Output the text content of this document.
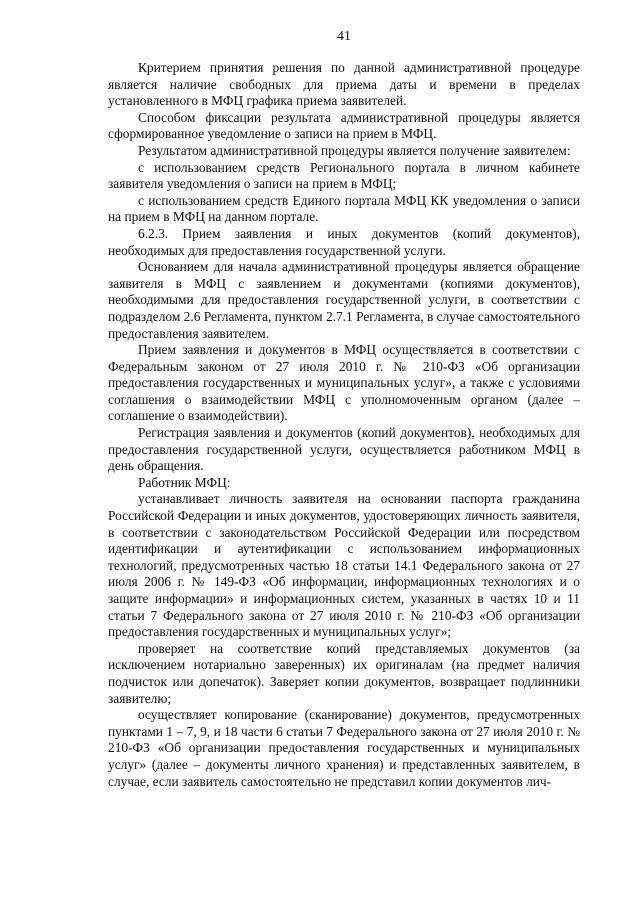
41

Критерием принятия решения по данной административной процедуре является наличие свободных для приема даты и времени в пределах установленного в МФЦ графика приема заявителей.

Способом фиксации результата административной процедуры является сформированное уведомление о записи на прием в МФЦ.

Результатом административной процедуры является получение заявителем:

с использованием средств Регионального портала в личном кабинете заявителя уведомления о записи на прием в МФЦ;

с использованием средств Единого портала МФЦ КК уведомления о записи на прием в МФЦ на данном портале.

6.2.3. Прием заявления и иных документов (копий документов), необходимых для предоставления государственной услуги.

Основанием для начала административной процедуры является обращение заявителя в МФЦ с заявлением и документами (копиями документов), необходимыми для предоставления государственной услуги, в соответствии с подразделом 2.6 Регламента, пунктом 2.7.1 Регламента, в случае самостоятельного предоставления заявителем.

Прием заявления и документов в МФЦ осуществляется в соответствии с Федеральным законом от 27 июля 2010 г. № 210-ФЗ «Об организации предоставления государственных и муниципальных услуг», а также с условиями соглашения о взаимодействии МФЦ с уполномоченным органом (далее – соглашение о взаимодействии).

Регистрация заявления и документов (копий документов), необходимых для предоставления государственной услуги, осуществляется работником МФЦ в день обращения.

Работник МФЦ:

устанавливает личность заявителя на основании паспорта гражданина Российской Федерации и иных документов, удостоверяющих личность заявителя, в соответствии с законодательством Российской Федерации или посредством идентификации и аутентификации с использованием информационных технологий, предусмотренных частью 18 статьи 14.1 Федерального закона от 27 июля 2006 г. № 149-ФЗ «Об информации, информационных технологиях и о защите информации» и информационных систем, указанных в частях 10 и 11 статьи 7 Федерального закона от 27 июля 2010 г. № 210-ФЗ «Об организации предоставления государственных и муниципальных услуг»;

проверяет на соответствие копий представляемых документов (за исключением нотариально заверенных) их оригиналам (на предмет наличия подчисток или допечаток). Заверяет копии документов, возвращает подлинники заявителю;

осуществляет копирование (сканирование) документов, предусмотренных пунктами 1 – 7, 9, и 18 части 6 статьи 7 Федерального закона от 27 июля 2010 г. № 210-ФЗ «Об организации предоставления государственных и муниципальных услуг» (далее – документы личного хранения) и представленных заявителем, в случае, если заявитель самостоятельно не представил копии документов лич-
